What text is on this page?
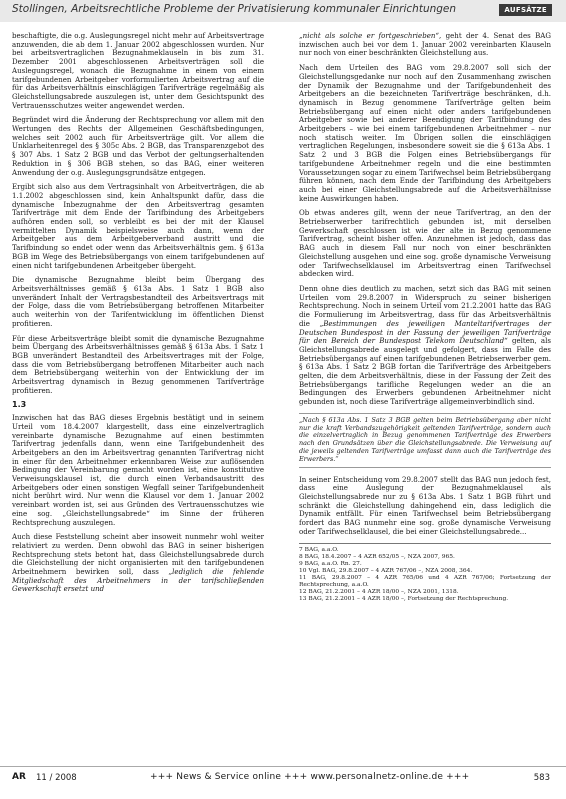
Stollingen, Arbeitsrechtliche Probleme der Privatisierung kommunaler Einrichtungen	AUFSÄTZE

beschaftigte, die o.g. Auslegungsregel nicht mehr auf Arbeitsvertrage anzuwenden, die ab dem 1. Januar 2002 abgeschlossen wurden. Nur bei arbeitsvertraglichen Bezugnahmeklauseln in bis zum 31. Dezember 2001 abgeschlossenen Arbeitsverträgen soll die Auslegungsregel, wonach die Bezugnahme in einem von einem tarifgebundenen Arbeitgeber vorformulierten Arbeitsvertrag auf die für das Arbeitsverhältnis einschlägigen Tarifverträge regelmäßig als Gleichstellungsabrede auszulegen ist, unter dem Gesichtspunkt des Vertrauensschutzes weiter angewendet werden.

Begründet wird die Änderung der Rechtsprechung vor allem mit den Wertungen des Rechts der Allgemeinen Geschäftsbedingungen, welches seit 2002 auch für Arbeitsverträge gilt. Vor allem die Unklarheitenregel des § 305c Abs. 2 BGB, das Transparenzgebot des § 307 Abs. 1 Satz 2 BGB und das Verbot der geltungserhaltenden Reduktion in § 306 BGB stehen, so das BAG, einer weiteren Anwendung der o.g. Auslegungsgrundsätze entgegen.

Ergibt sich also aus dem Vertragsinhalt von Arbeitverträgen, die ab 1.1.2002 abgeschlossen sind, kein Anhaltspunkt dafür, dass die dynamische Inbezugnahme der den Arbeitsvertrag gesamten Tarifverträge mit dem Ende der Tarifbindung des Arbeitgebers aufhören enden soll, so verbleibt es bei der mit der Klausel vermittelten Dynamik beispielsweise auch dann, wenn der Arbeitgeber aus dem Arbeitgeberverband austritt und die Tarifbindung so endet oder wenn das Arbeitsverhältnis gem. § 613a BGB im Wege des Betriebsübergangs von einem tarifgebundenen auf einen nicht tarifgebundenen Arbeitgeber übergeht.

Die dynamische Bezugnahme bleibt beim Übergang des Arbeitsverhältnisses gemäß § 613a Abs. 1 Satz 1 BGB also unverändert Inhalt der Vertragsbestandteil des Arbeitsvertrags mit der Folge, dass die vom Betriebsübergang betroffenen Mitarbeiter auch weiterhin von der Tarifentwicklung im öffentlichen Dienst profitieren.

Für diese Arbeitsverträge bleibt somit die dynamische Bezugnahme beim Übergang des Arbeitsverhältnisses gemäß § 613a Abs. 1 Satz 1 BGB unverändert Bestandteil des Arbeitsvertrages mit der Folge, dass die vom Betriebsübergang betroffenen Mitarbeiter auch nach dem Betriebsübergang weiterhin von der Entwicklung der im Arbeitsvertrag dynamisch in Bezug genommenen Tarifverträge profitieren.

1.3

Inzwischen hat das BAG dieses Ergebnis bestätigt und in seinem Urteil vom 18.4.2007 klargestellt, dass eine einzelvertraglich vereinbarte dynamische Bezugnahme auf einen bestimmten Tarifvertrag jedenfalls dann, wenn eine Tarifgebundenheit des Arbeitgebers an den im Arbeitsvertrag genannten Tarifvertrag nicht in einer für den Arbeitnehmer erkennbaren Weise zur auflösenden Bedingung der Vereinbarung gemacht worden ist, eine konstitutive Verweisungsklausel ist, die durch einen Verbandsaustritt des Arbeitgebers oder einen sonstigen Wegfall seiner Tarifgebundenheit nicht berührt wird. Nur wenn die Klausel vor dem 1. Januar 2002 vereinbart worden ist, sei aus Gründen des Vertrauensschutzes wie eine sog. „Gleichstellungsabrede“ im Sinne der früheren Rechtsprechung auszulegen.

Auch diese Feststellung scheint aber insoweit nunmehr wohl weiter relativiert zu werden. Denn obwohl das BAG in seiner bisherigen Rechtsprechung stets betont hat, dass Gleichstellungsabrede durch die Gleichstellung der nicht organisierten mit den tarifgebundenen Arbeitnehmern bewirken soll, dass „lediglich die fehlende Mitgliedschaft des Arbeitnehmers in der tarifschließenden Gewerkschaft ersetzt und

„nicht als solche er fortgeschrieben“, geht der 4. Senat des BAG inzwischen auch bei vor dem 1. Januar 2002 vereinbarten Klauseln nur noch von einer beschränkten Gleichstellung aus.

Nach dem Urteilen des BAG vom 29.8.2007 soll sich der Gleichstellungsgedanke nur noch auf den Zusammenhang zwischen der Dynamik der Bezugnahme und der Tarifgebundenheit des Arbeitgebers an die bezeichneten Tarifverträge beschränken, d.h. dynamisch in Bezug genommene Tarifverträge gelten beim Betriebsübergang auf einen nicht oder anders tarifgebundenen Arbeitgeber sowie bei anderer Beendigung der Tarifbindung des Arbeitgebers – wie bei einem tarifgebundenen Arbeitnehmer – nur noch statisch weiter. Im Übrigen sollen die einschlägigen vertraglichen Regelungen, insbesondere soweit sie die § 613a Abs. 1 Satz 2 und 3 BGB die Folgen eines Betriebsübergangs für tarifgebundene Arbeitnehmer regeln und die eine bestimmten Voraussetzungen sogar zu einem Tarifwechsel beim Betriebsübergang führen können, nach dem Ende der Tarifbindung des Arbeitgebers auch bei einer Gleichstellungsabrede auf die Arbeitsverhältnisse keine Auswirkungen haben.

Ob etwas anderes gilt, wenn der neue Tarifvertrag, an den der Betriebserwerber tarifrechtlich gebunden ist, mit derselben Gewerkschaft geschlossen ist wie der alte in Bezug genommene Tarifvertrag, scheint bisher offen. Anzunehmen ist jedoch, dass das BAG auch in diesem Fall nur noch von einer beschränkten Gleichstellung ausgehen und eine sog. große dynamische Verweisung oder Tarifwechselklausel im Arbeitsvertrag einen Tarifwechsel abdecken wird.

Denn ohne dies deutlich zu machen, setzt sich das BAG mit seinen Urteilen vom 29.8.2007 in Widerspruch zu seiner bisherigen Rechtsprechung. Noch in seinem Urteil vom 21.2.2001 hatte das BAG die Formulierung im Arbeitsvertrag, dass für das Arbeitsverhältnis die „Bestimmungen des jeweiligen Manteltarifvertrages der Deutschen Bundespost in der Fassung der jeweiligen Tarifverträge für den Bereich der Bundespost Telekom Deutschland“ gelten, als Gleichstellungsabrede ausgelegt und gefolgert, dass im Falle des Betriebsübergangs auf einen tarifgebundenen Betriebserwerber gem. § 613a Abs. 1 Satz 2 BGB fortan die Tarifverträge des Arbeitgebers gelten, die dem Arbeitsverhältnis, diese in der Fassung der Zeit des Betriebsübergangs tarifliche Regelungen weder an die an Bedingungen des Erwerbers gebundenen Arbeitnehmer nicht gebunden ist, noch diese Tarifverträge allgemeinverbindlich sind.

„Nach § 613a Abs. 1 Satz 3 BGB gelten beim Betriebsübergang aber nicht nur die kraft Verbandszugehörigkeit geltenden Tarifverträge, sondern auch die einzelvertraglich in Bezug genommenen Tarifverträge des Erwerbers nach den Grundsätzen über die Gleichstellungsabrede. Die Verweisung auf die jeweils geltenden Tarifverträge umfasst dann auch die Tarifverträge des Erwerbers.“

In seiner Entscheidung vom 29.8.2007 stellt das BAG nun jedoch fest, dass eine Auslegung der Bezugnahmeklausel als Gleichstellungsabrede nur zu § 613a Abs. 1 Satz 1 BGB führt und schränkt die Gleichstellung dahingehend ein, dass lediglich die Dynamik entfällt. Für einen Tarifwechsel beim Betriebsübergang fordert das BAG nunmehr eine sog. große dynamische Verweisung oder Tarifwechselklausel, die bei einer Gleichstellungsabrede...

7 BAG, a.a.O.
8 BAG, 18.4.2007 – 4 AZR 652/05 –, NZA 2007, 965.
9 BAG, a.a.O. Rn. 27.
10 Vgl. BAG, 29.8.2007 – 4 AZR 767/06 –, NZA 2008, 364.
11 BAG, 29.8.2007 – 4 AZR 765/06 und 4 AZR 767/06; Fortsetzung der Rechtsprechung, a.a.O.
12 BAG, 21.2.2001 – 4 AZR 18/00 –, NZA 2001, 1318.
13 BAG, 21.2.2001 – 4 AZR 18/00 –, Fortsetzung der Rechtsprechung.
AR 11 / 2008	+++ News & Service online +++ www.personalnetz-online.de +++	583
